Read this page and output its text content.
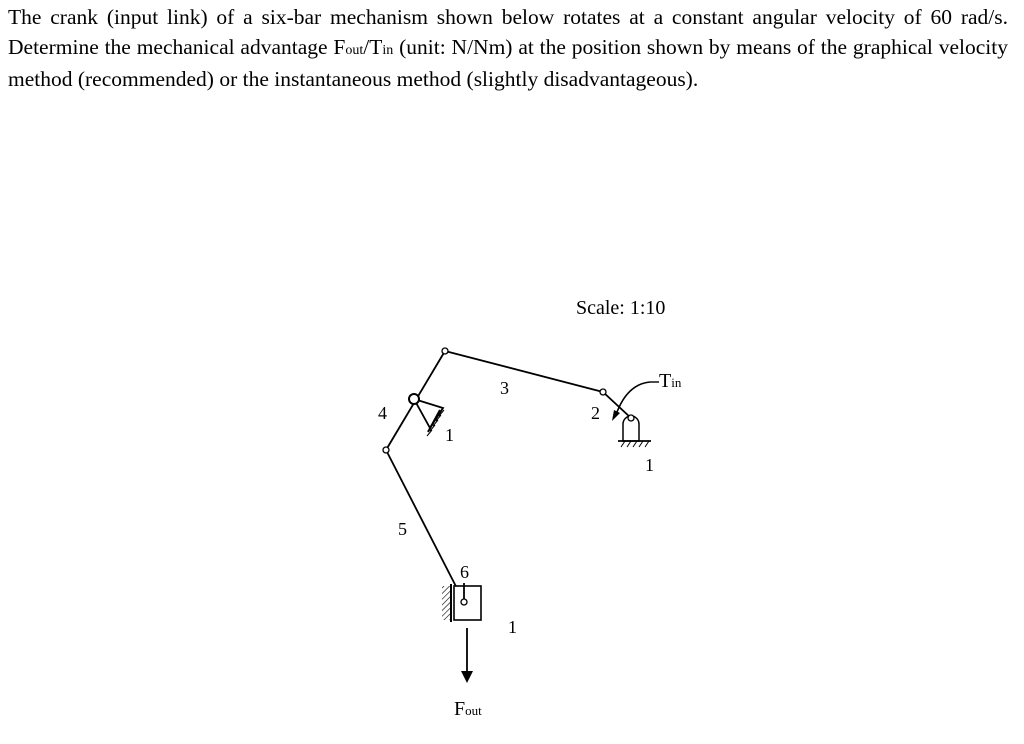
The crank (input link) of a six-bar mechanism shown below rotates at a constant angular velocity of 60 rad/s. Determine the mechanical advantage Fout/Tin (unit: N/Nm) at the position shown by means of the graphical velocity method (recommended) or the instantaneous method (slightly disadvantageous).

Scale: 1:10
4
1
3
2
1
5
6
1
Tin
Fout
